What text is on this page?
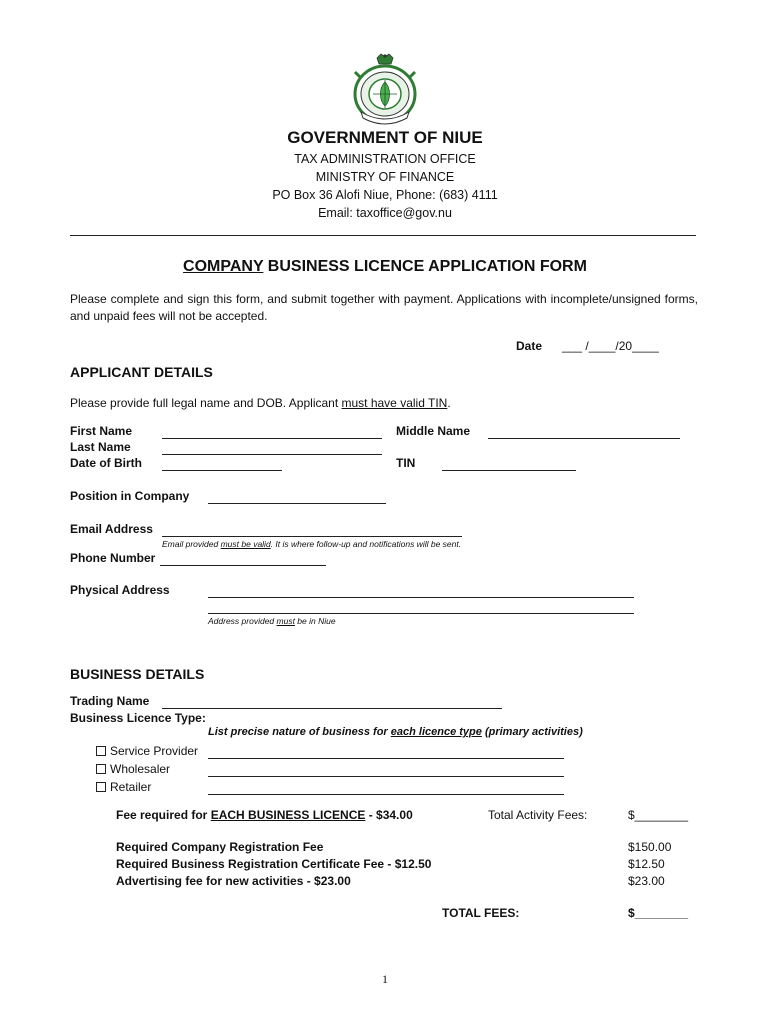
GOVERNMENT OF NIUE
TAX ADMINISTRATION OFFICE
MINISTRY OF FINANCE
PO Box 36 Alofi Niue, Phone: (683) 4111
Email: taxoffice@gov.nu
COMPANY BUSINESS LICENCE APPLICATION FORM
Please complete and sign this form, and submit together with payment. Applications with incomplete/unsigned forms, and unpaid fees will not be accepted.
Date ___ /____/20____
APPLICANT DETAILS
Please provide full legal name and DOB. Applicant must have valid TIN.
First Name	Middle Name
Last Name
Date of Birth	TIN
Position in Company
Email Address
Email provided must be valid. It is where follow-up and notifications will be sent.
Phone Number
Physical Address
Address provided must be in Niue
BUSINESS DETAILS
Trading Name
Business Licence Type:
List precise nature of business for each licence type (primary activities)
Service Provider
Wholesaler
Retailer
Fee required for EACH BUSINESS LICENCE - $34.00	Total Activity Fees:	$________
Required Company Registration Fee	$150.00
Required Business Registration Certificate Fee - $12.50	$12.50
Advertising fee for new activities - $23.00	$23.00
TOTAL FEES:	$________
1
